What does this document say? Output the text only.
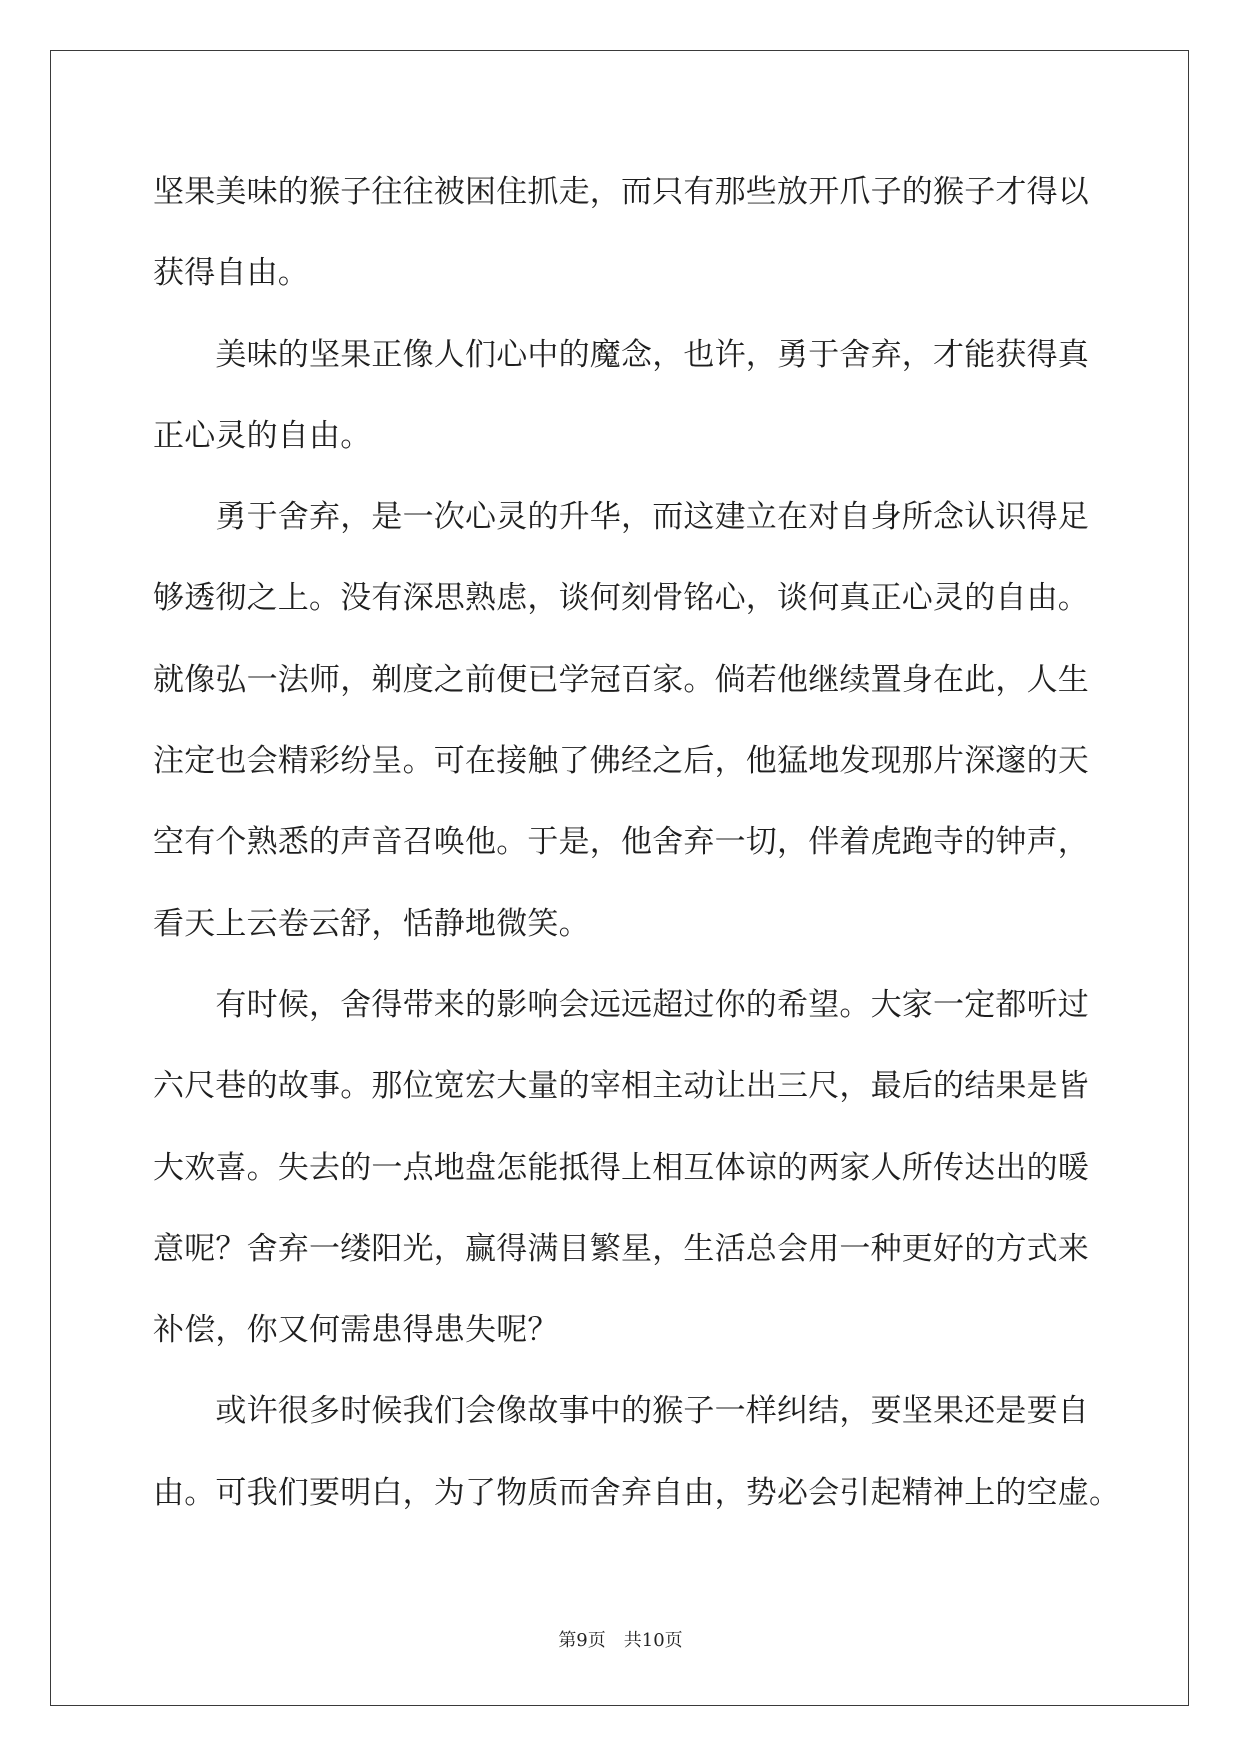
坚果美味的猴子往往被困住抓走，而只有那些放开爪子的猴子才得以
获得自由。
美味的坚果正像人们心中的魔念，也许，勇于舍弃，才能获得真
正心灵的自由。
勇于舍弃，是一次心灵的升华，而这建立在对自身所念认识得足
够透彻之上。没有深思熟虑，谈何刻骨铭心，谈何真正心灵的自由。
就像弘一法师，剃度之前便已学冠百家。倘若他继续置身在此，人生
注定也会精彩纷呈。可在接触了佛经之后，他猛地发现那片深邃的天
空有个熟悉的声音召唤他。于是，他舍弃一切，伴着虎跑寺的钟声，
看天上云卷云舒，恬静地微笑。
有时候，舍得带来的影响会远远超过你的希望。大家一定都听过
六尺巷的故事。那位宽宏大量的宰相主动让出三尺，最后的结果是皆
大欢喜。失去的一点地盘怎能抵得上相互体谅的两家人所传达出的暖
意呢？舍弃一缕阳光，赢得满目繁星，生活总会用一种更好的方式来
补偿，你又何需患得患失呢？
或许很多时候我们会像故事中的猴子一样纠结，要坚果还是要自
由。可我们要明白，为了物质而舍弃自由，势必会引起精神上的空虚。
第9页　共10页
